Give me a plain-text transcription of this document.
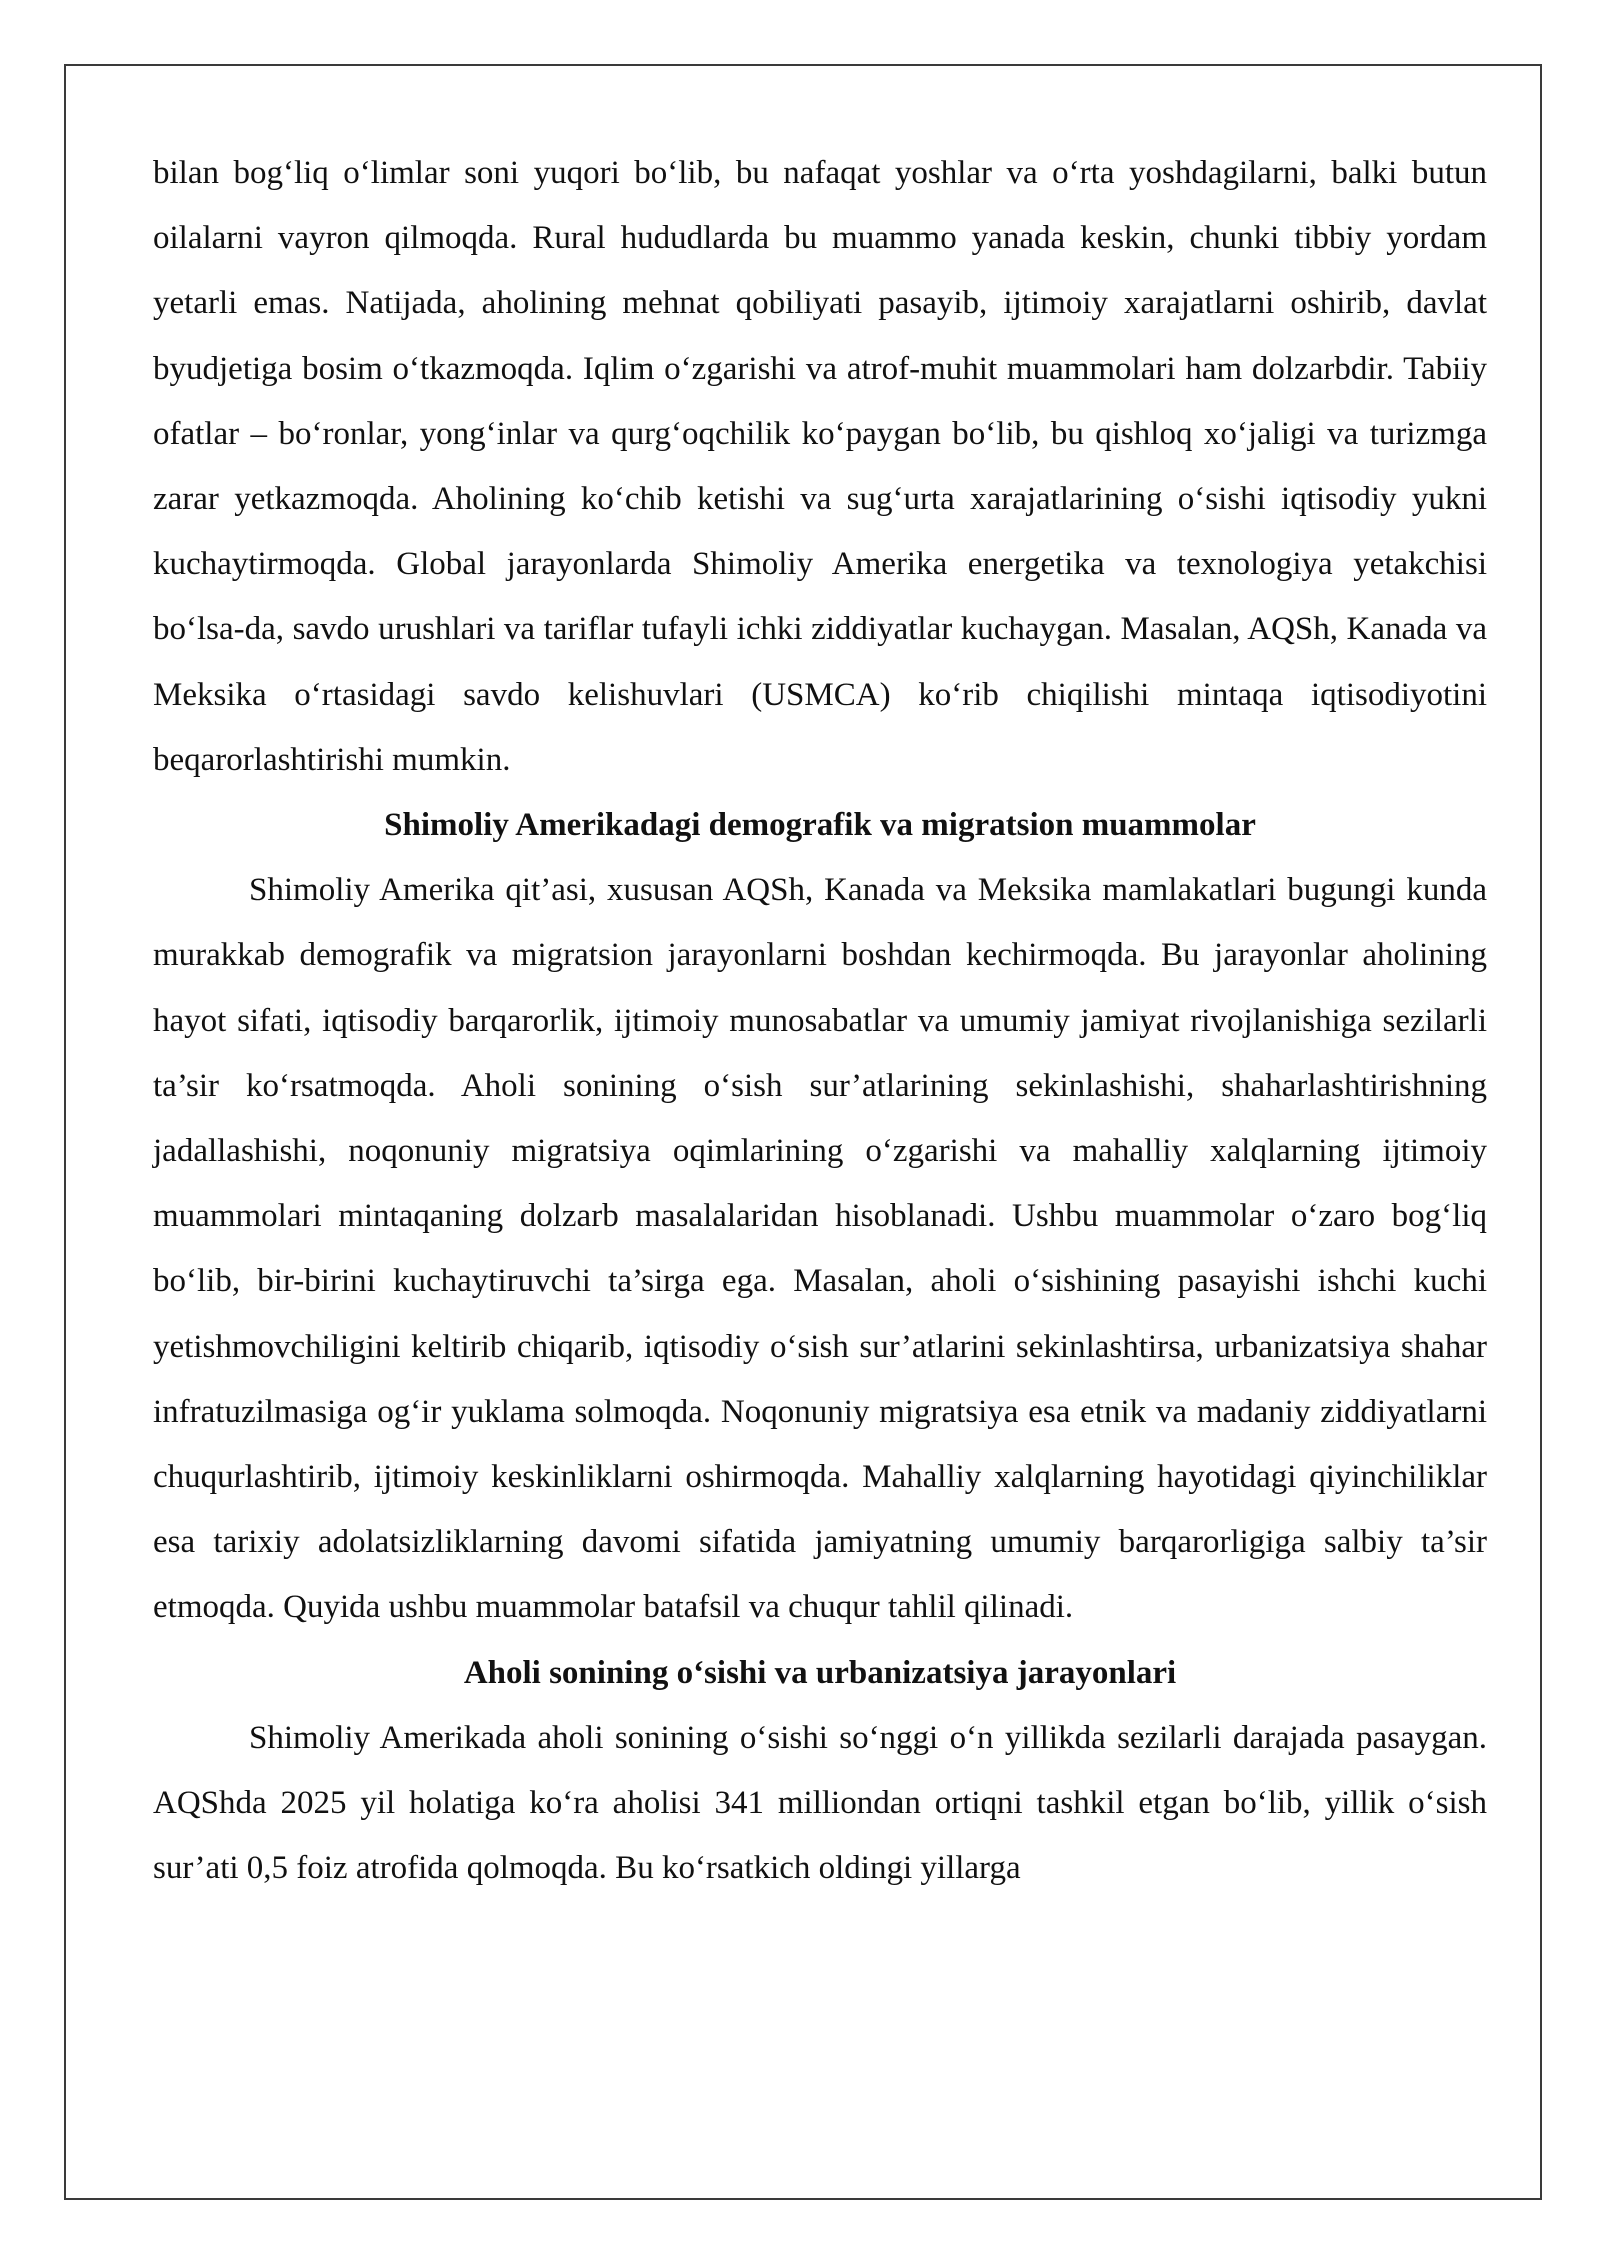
bilan bog‘liq o‘limlar soni yuqori bo‘lib, bu nafaqat yoshlar va o‘rta yoshdagilarni, balki butun oilalarni vayron qilmoqda. Rural hududlarda bu muammo yanada keskin, chunki tibbiy yordam yetarli emas. Natijada, aholining mehnat qobiliyati pasayib, ijtimoiy xarajatlarni oshirib, davlat byudjetiga bosim o‘tkazmoqda. Iqlim o‘zgarishi va atrof-muhit muammolari ham dolzarbdir. Tabiiy ofatlar – bo‘ronlar, yong‘inlar va qurg‘oqchilik ko‘paygan bo‘lib, bu qishloq xo‘jaligi va turizmga zarar yetkazmoqda. Aholining ko‘chib ketishi va sug‘urta xarajatlarining o‘sishi iqtisodiy yukni kuchaytirmoqda. Global jarayonlarda Shimoliy Amerika energetika va texnologiya yetakchisi bo‘lsa-da, savdo urushlari va tariflar tufayli ichki ziddiyatlar kuchaygan. Masalan, AQSh, Kanada va Meksika o‘rtasidagi savdo kelishuvlari (USMCA) ko‘rib chiqilishi mintaqa iqtisodiyotini beqarorlashtirishi mumkin.

Shimoliy Amerikadagi demografik va migratsion muammolar

Shimoliy Amerika qit’asi, xususan AQSh, Kanada va Meksika mamlakatlari bugungi kunda murakkab demografik va migratsion jarayonlarni boshdan kechirmoqda. Bu jarayonlar aholining hayot sifati, iqtisodiy barqarorlik, ijtimoiy munosabatlar va umumiy jamiyat rivojlanishiga sezilarli ta’sir ko‘rsatmoqda. Aholi sonining o‘sish sur’atlarining sekinlashishi, shaharlashtirishning jadallashishi, noqonuniy migratsiya oqimlarining o‘zgarishi va mahalliy xalqlarning ijtimoiy muammolari mintaqaning dolzarb masalalaridan hisoblanadi. Ushbu muammolar o‘zaro bog‘liq bo‘lib, bir-birini kuchaytiruvchi ta’sirga ega. Masalan, aholi o‘sishining pasayishi ishchi kuchi yetishmovchiligini keltirib chiqarib, iqtisodiy o‘sish sur’atlarini sekinlashtirsa, urbanizatsiya shahar infratuzilmasiga og‘ir yuklama solmoqda. Noqonuniy migratsiya esa etnik va madaniy ziddiyatlarni chuqurlashtirib, ijtimoiy keskinliklarni oshirmoqda. Mahalliy xalqlarning hayotidagi qiyinchiliklar esa tarixiy adolatsizliklarning davomi sifatida jamiyatning umumiy barqarorligiga salbiy ta’sir etmoqda. Quyida ushbu muammolar batafsil va chuqur tahlil qilinadi.

Aholi sonining o‘sishi va urbanizatsiya jarayonlari

Shimoliy Amerikada aholi sonining o‘sishi so‘nggi o‘n yillikda sezilarli darajada pasaygan. AQShda 2025 yil holatiga ko‘ra aholisi 341 milliondan ortiqni tashkil etgan bo‘lib, yillik o‘sish sur’ati 0,5 foiz atrofida qolmoqda. Bu ko‘rsatkich oldingi yillarga
